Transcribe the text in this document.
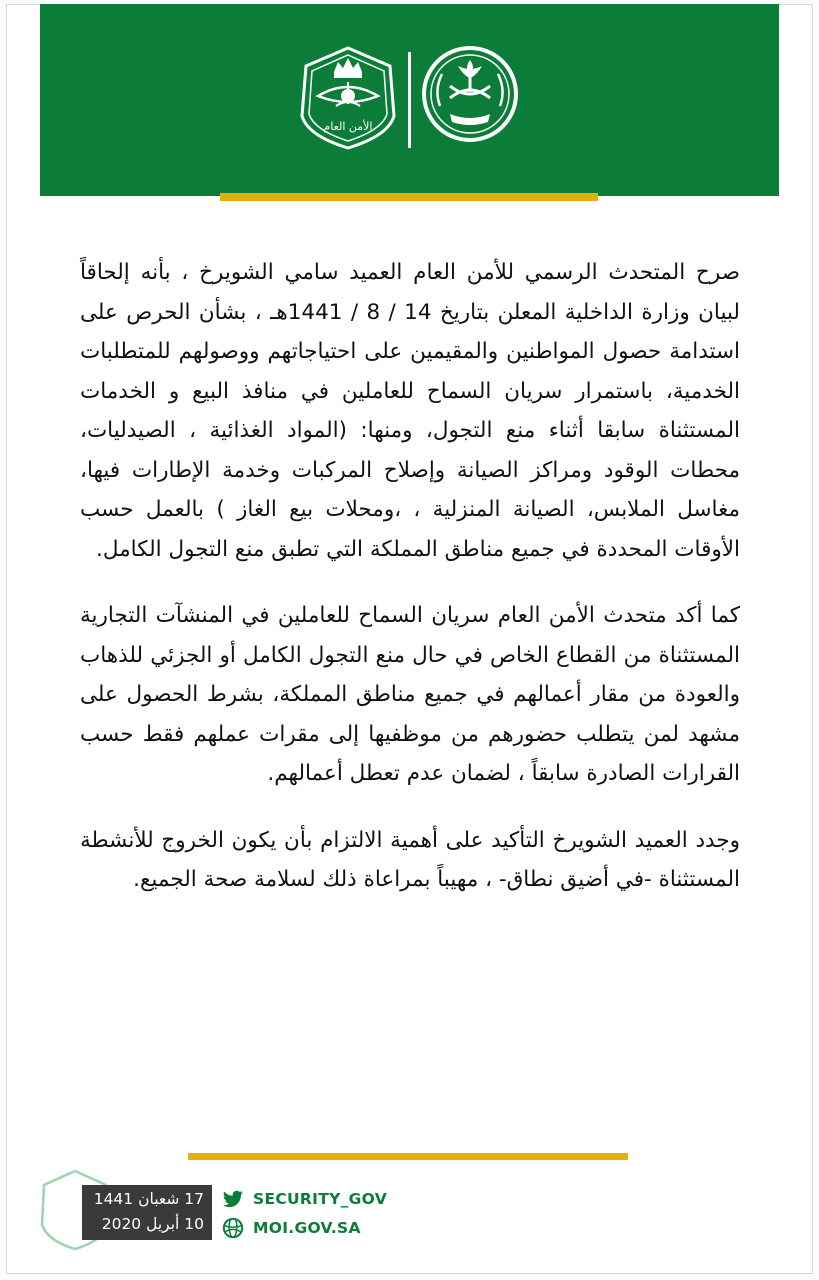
الأمن العام

صرح المتحدث الرسمي للأمن العام العميد سامي الشويرخ ، بأنه إلحاقاً لبيان وزارة الداخلية المعلن بتاريخ 14 / 8 / 1441هـ ، بشأن الحرص على استدامة حصول المواطنين والمقيمين على احتياجاتهم ووصولهم للمتطلبات الخدمية، باستمرار سريان السماح للعاملين في منافذ البيع و الخدمات المستثناة سابقا أثناء منع التجول، ومنها: (المواد الغذائية ، الصيدليات، محطات الوقود ومراكز الصيانة وإصلاح المركبات وخدمة الإطارات فيها، مغاسل الملابس، الصيانة المنزلية ، ،ومحلات بيع الغاز ) بالعمل حسب الأوقات المحددة في جميع مناطق المملكة التي تطبق منع التجول الكامل.

كما أكد متحدث الأمن العام سريان السماح للعاملين في المنشآت التجارية المستثناة من القطاع الخاص في حال منع التجول الكامل أو الجزئي للذهاب والعودة من مقار أعمالهم في جميع مناطق المملكة، بشرط الحصول على مشهد لمن يتطلب حضورهم من موظفيها إلى مقرات عملهم فقط حسب القرارات الصادرة سابقاً ، لضمان عدم تعطل أعمالهم.

وجدد العميد الشويرخ التأكيد على أهمية الالتزام بأن يكون الخروج للأنشطة المستثناة -في أضيق نطاق- ، مهيباً بمراعاة ذلك لسلامة صحة الجميع.

17 شعبان 1441
10 أبريل 2020
SECURITY_GOV
MOI.GOV.SA
